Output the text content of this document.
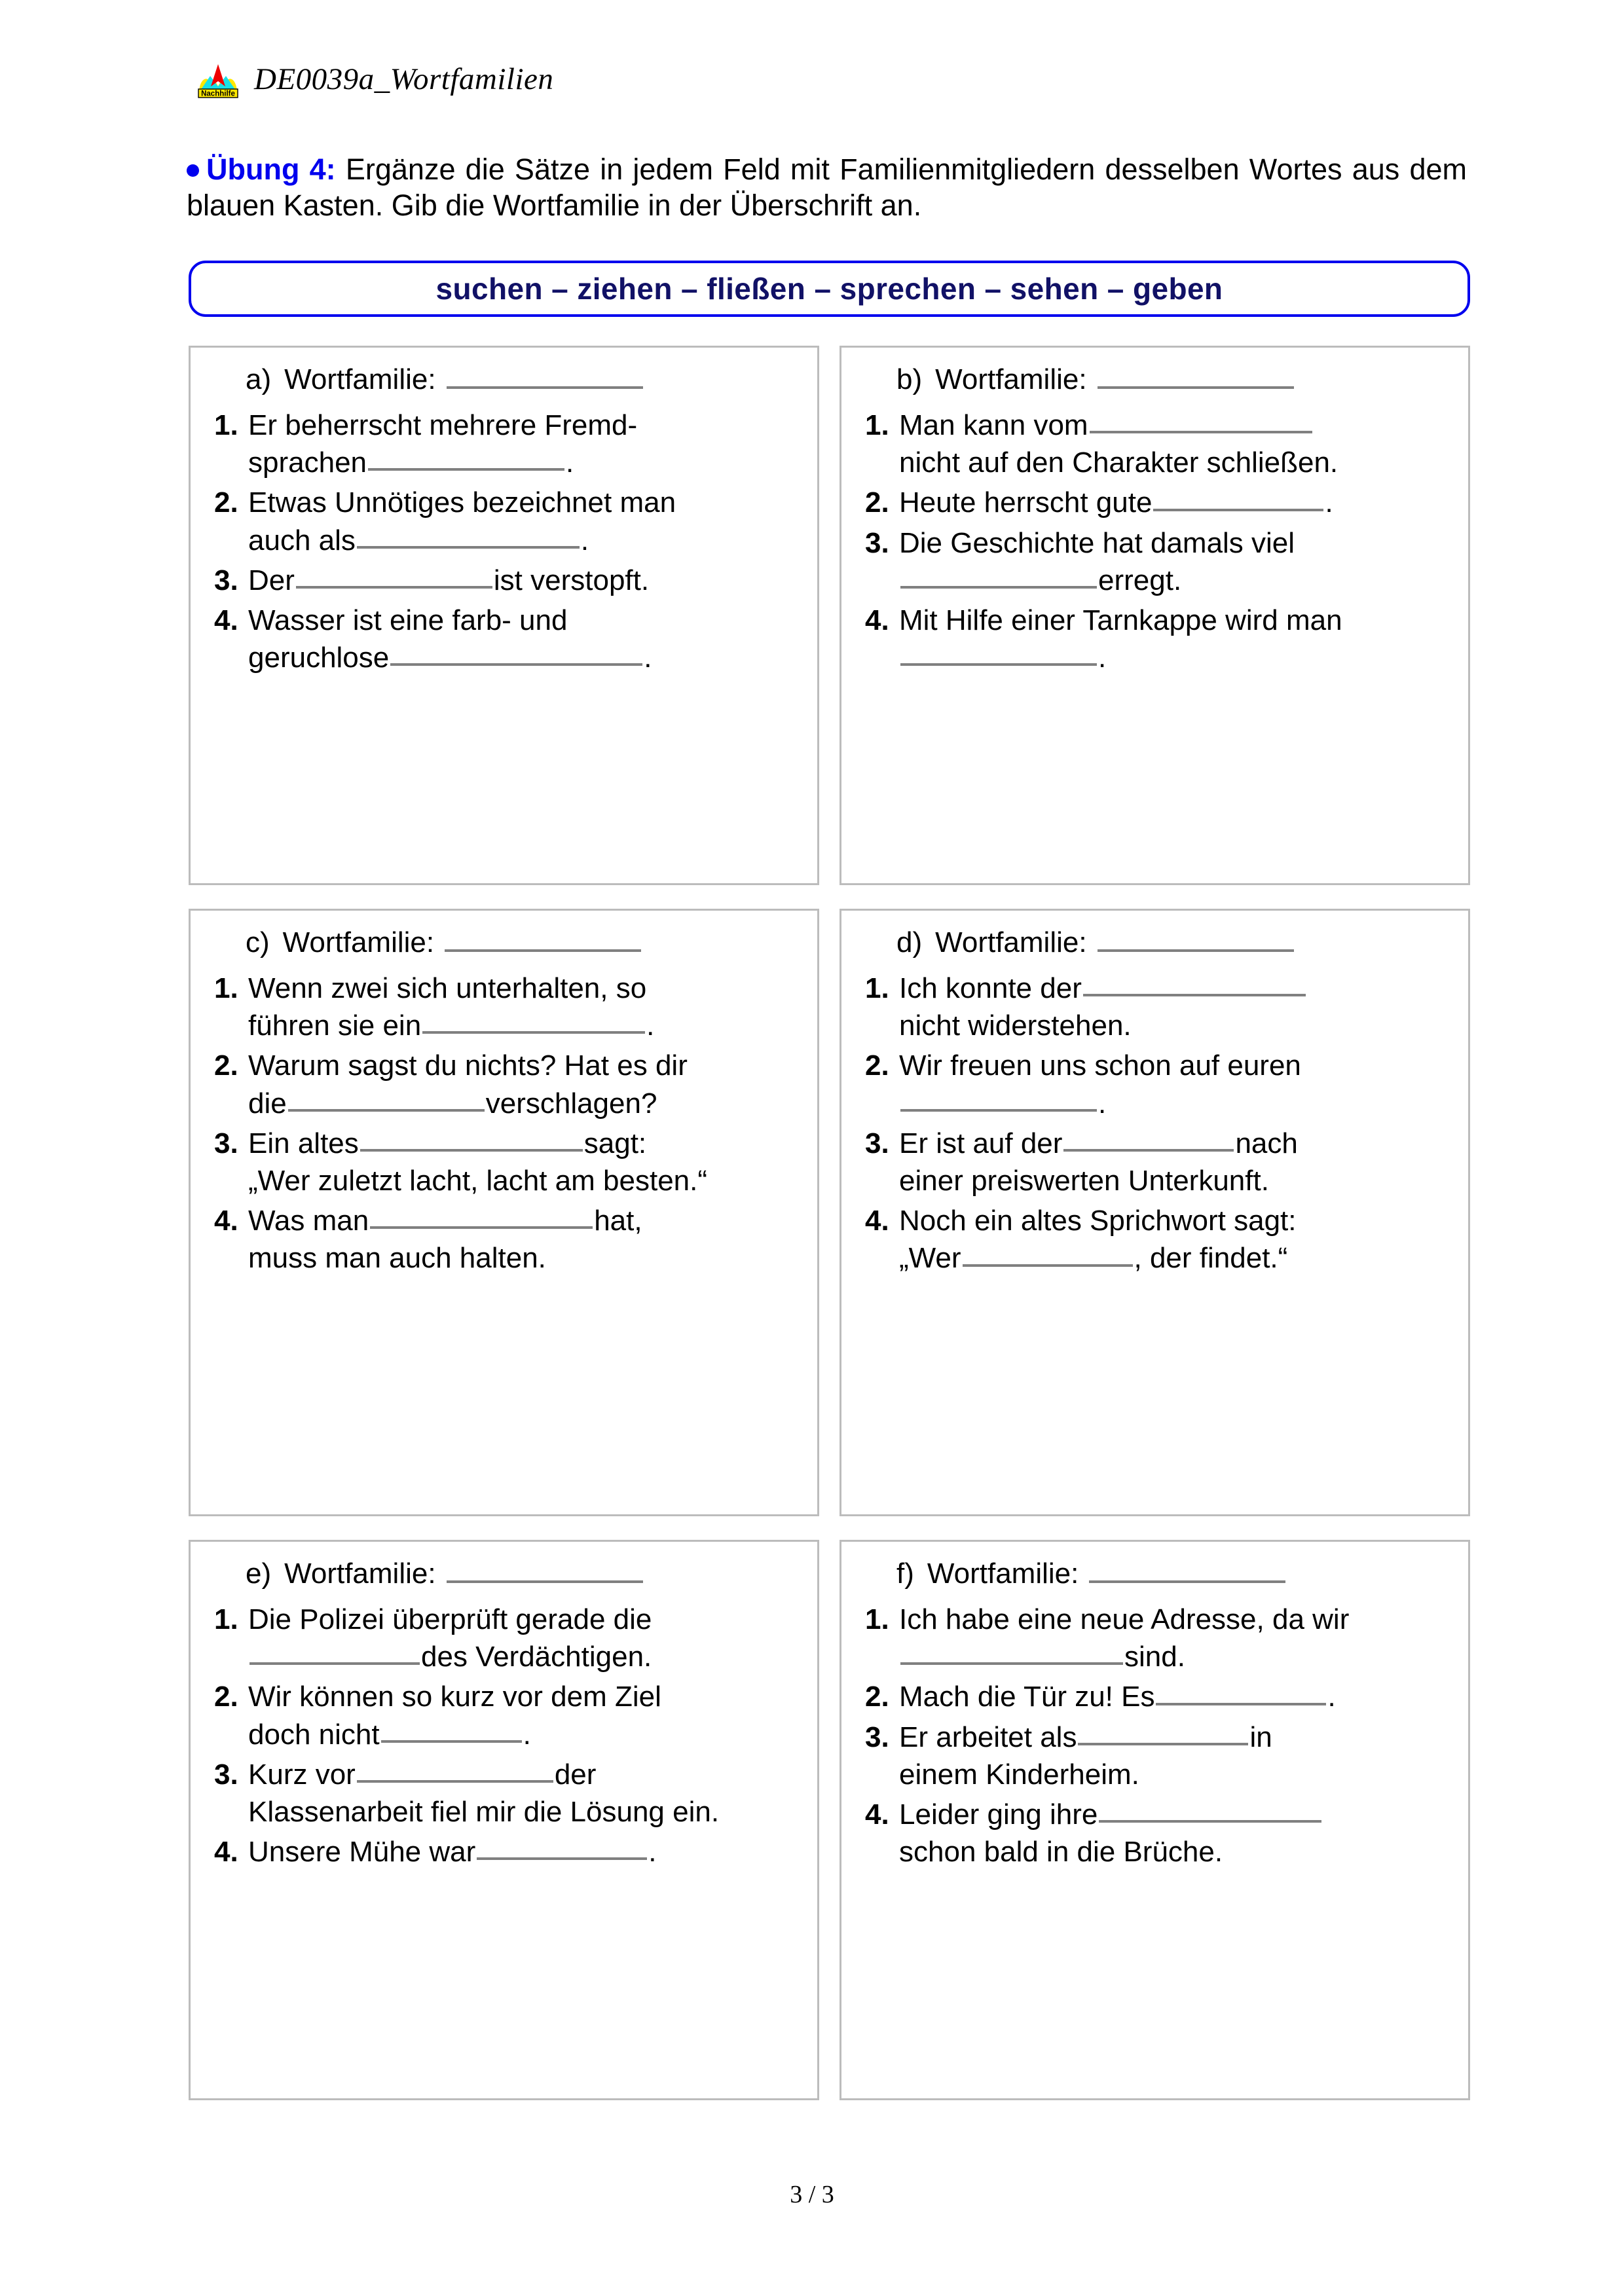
Nachhilfe DE0039a_Wortfamilien
Übung 4: Ergänze die Sätze in jedem Feld mit Familienmitgliedern desselben Wortes aus dem blauen Kasten. Gib die Wortfamilie in der Überschrift an.
suchen – ziehen – fließen – sprechen – sehen – geben
a) Wortfamilie:
1. Er beherrscht mehrere Fremd-
sprachen	.
2. Etwas Unnötiges bezeichnet man
auch als	.
3. Der	ist verstopft.
4. Wasser ist eine farb- und
geruchlose	.
b) Wortfamilie:
1. Man kann vom
nicht auf den Charakter schließen.
2. Heute herrscht gute	.
3. Die Geschichte hat damals viel
erregt.
4. Mit Hilfe einer Tarnkappe wird man
.
c) Wortfamilie:
1. Wenn zwei sich unterhalten, so
führen sie ein	.
2. Warum sagst du nichts? Hat es dir
die	verschlagen?
3. Ein altes	sagt:
„Wer zuletzt lacht, lacht am besten.“
4. Was man	hat,
muss man auch halten.
d) Wortfamilie:
1. Ich konnte der
nicht widerstehen.
2. Wir freuen uns schon auf euren
.
3. Er ist auf der	nach
einer preiswerten Unterkunft.
4. Noch ein altes Sprichwort sagt:
„Wer	, der findet.“
e) Wortfamilie:
1. Die Polizei überprüft gerade die
des Verdächtigen.
2. Wir können so kurz vor dem Ziel
doch nicht	.
3. Kurz vor	der
Klassenarbeit fiel mir die Lösung ein.
4. Unsere Mühe war	.
f) Wortfamilie:
1. Ich habe eine neue Adresse, da wir
sind.
2. Mach die Tür zu! Es	.
3. Er arbeitet als	in
einem Kinderheim.
4. Leider ging ihre
schon bald in die Brüche.
3 / 3
